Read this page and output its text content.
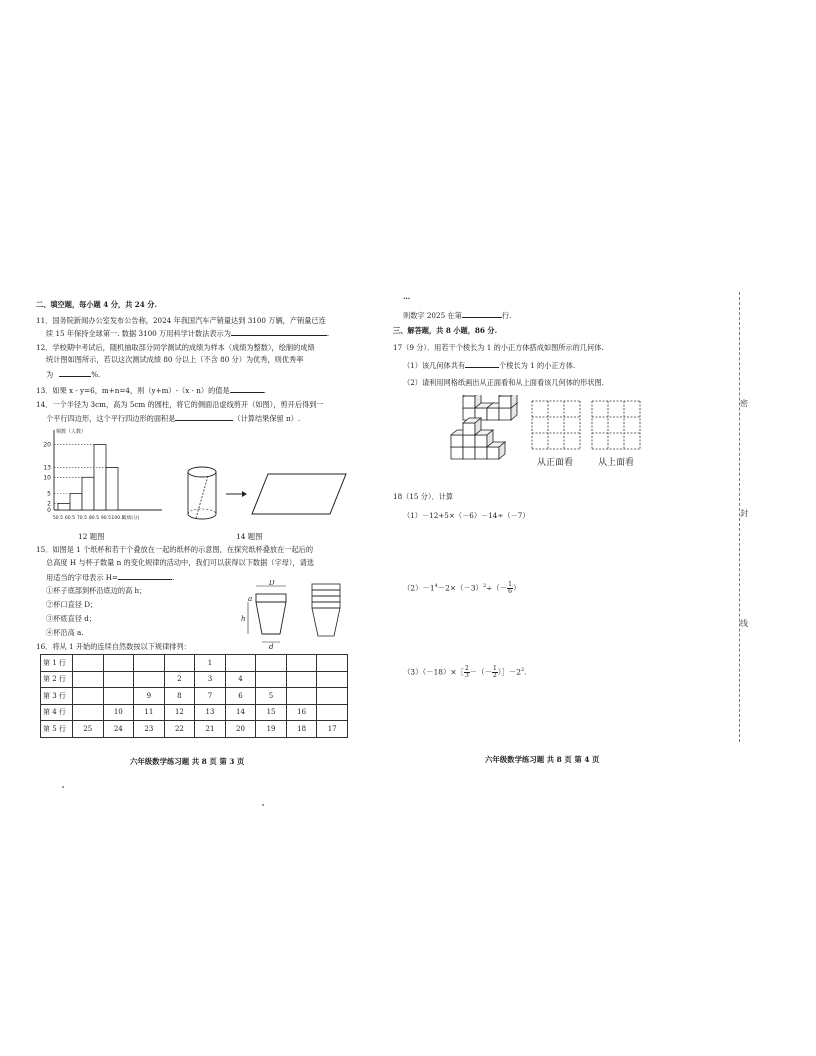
二、填空题，每小题 4 分，共 24 分.
11．国务院新闻办公室发布公告称，2024 年我国汽车产销量达到 3100 万辆，产销量已连
续 15 年保持全球第一. 数据 3100 万用科学计数法表示为	.
12．学校期中考试后，随机抽取部分同学测试的成绩为样本（成绩为整数），绘制的成绩
统计图如图所示，若以这次测试成绩 80 分以上（不含 80 分）为优秀，则优秀率
为	%.
13．如果 x - y=6，m+n=4，则（y+m）-（x - n）的值是	.
14．一个半径为 3cm，高为 5cm 的圆柱，将它的侧面沿虚线剪开（如图），剪开后得到一
个平行四边形，这个平行四边形的面积是	（计算结果保留 π）.
频数（人数）
0
2
5
10
13
20
50.5 60.5 70.5 80.5 90.5 100.5
成绩(分)
12 题图	14 题图
15．如图是 1 个纸杯和若干个叠放在一起的纸杯的示意图，在探究纸杯叠放在一起后的
总高度 H 与杯子数量 n 的变化规律的活动中，我们可以获得以下数据（字母），请选
用适当的字母表示 H=	.
①杯子底部到杯沿底边的高 h；
②杯口直径 D；
③杯底直径 d；
④杯沿高 a.
D
a
h
d
16．将从 1 开始的连续自然数按以下规律排列：
第 1 行					1				
第 2 行				2	3	4			
第 3 行			9	8	7	6	5		
第 4 行		10	11	12	13	14	15	16	
第 5 行	25	24	23	22	21	20	19	18	17
六年级数学练习题 共 8 页 第 3 页
…
则数字 2025 在第	行.
三、解答题，共 8 小题，86 分.
17（9 分）．用若干个棱长为 1 的小正方体搭成如图所示的几何体.
（1）该几何体共有	个棱长为 1 的小正方体.
（2）请利用网格纸画出从正面看和从上面看该几何体的形状图.
从正面看	从上面看
18（15 分）．计算
（1）－12+5×（－6）－14÷（－7）
$(2)-1^4-2\times(-3)^2\div(- \frac{1}{6}$ ）
（3）（－18）×［ $\frac{2}{3}$ －（－ $\frac{1}{2}$ ）$]-2^2$.
六年级数学练习题 共 8 页 第 4 页
密
封
线
